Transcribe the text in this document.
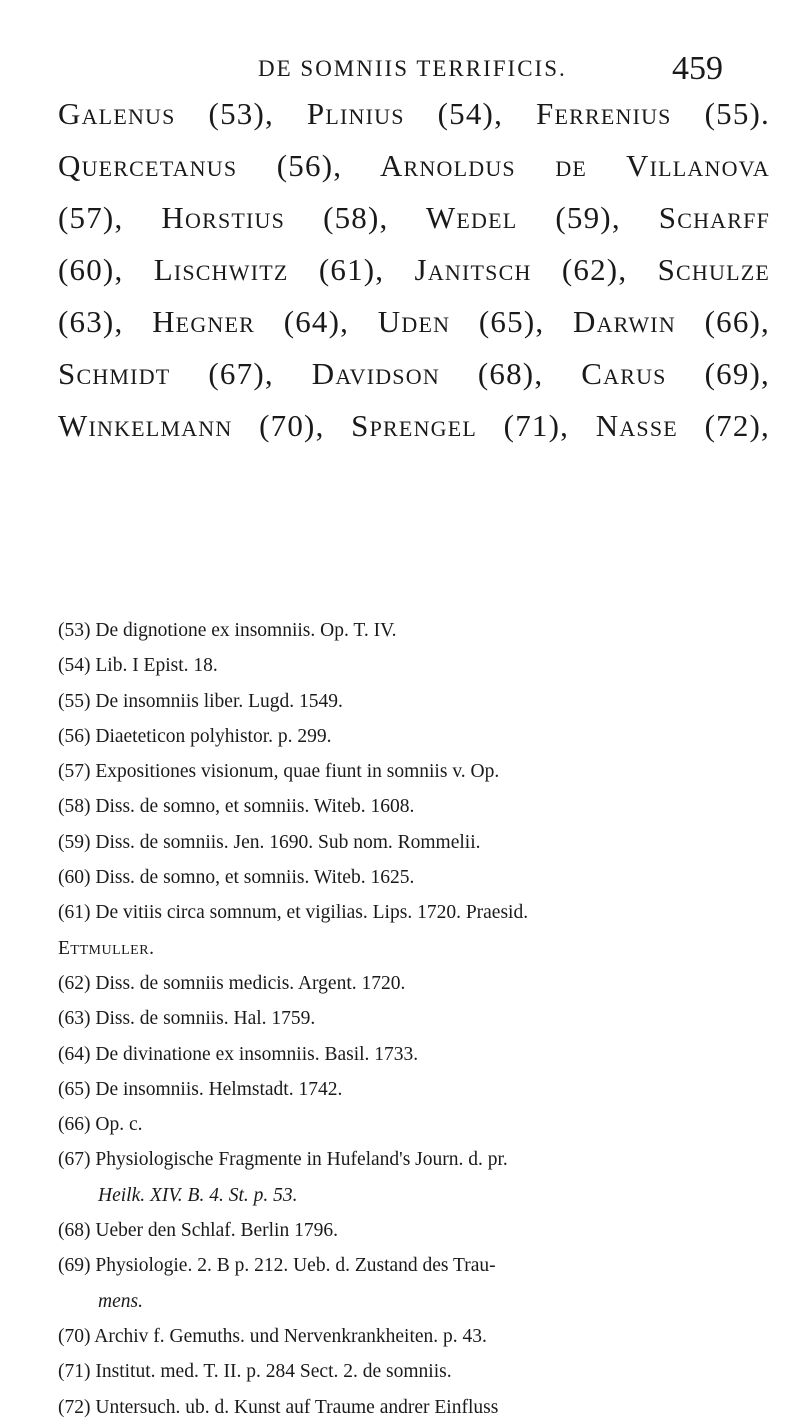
DE SOMNIIS TERRIFICIS.	459
Galenus (53), Plinius (54), Ferrenius (55).
Quercetanus (56), Arnoldus de Villanova
(57), Horstius (58), Wedel (59), Scharff
(60), Lischwitz (61), Janitsch (62), Schulze
(63), Hegner (64), Uden (65), Darwin (66),
Schmidt (67), Davidson (68), Carus (69),
Winkelmann (70), Sprengel (71), Nasse (72),
(53) De dignotione ex insomniis. Op. T. IV.
(54) Lib. I Epist. 18.
(55) De insomniis liber. Lugd. 1549.
(56) Diaeteticon polyhistor. p. 299.
(57) Expositiones visionum, quae fiunt in somniis v. Op.
(58) Diss. de somno, et somniis. Witeb. 1608.
(59) Diss. de somniis. Jen. 1690. Sub nom. Rommelii.
(60) Diss. de somno, et somniis. Witeb. 1625.
(61) De vitiis circa somnum, et vigilias. Lips. 1720. Praesid.
Ettmuller.
(62) Diss. de somniis medicis. Argent. 1720.
(63) Diss. de somniis. Hal. 1759.
(64) De divinatione ex insomniis. Basil. 1733.
(65) De insomniis. Helmstadt. 1742.
(66) Op. c.
(67) Physiologische Fragmente in Hufeland's Journ. d. pr.
Heilk. XIV. B. 4. St. p. 53.
(68) Ueber den Schlaf. Berlin 1796.
(69) Physiologie. 2. B p. 212. Ueb. d. Zustand des Trau-
mens.
(70) Archiv f. Gemuths. und Nervenkrankheiten. p. 43.
(71) Institut. med. T. II. p. 284 Sect. 2. de somniis.
(72) Untersuch. ub. d. Kunst auf Traume andrer Einfluss
